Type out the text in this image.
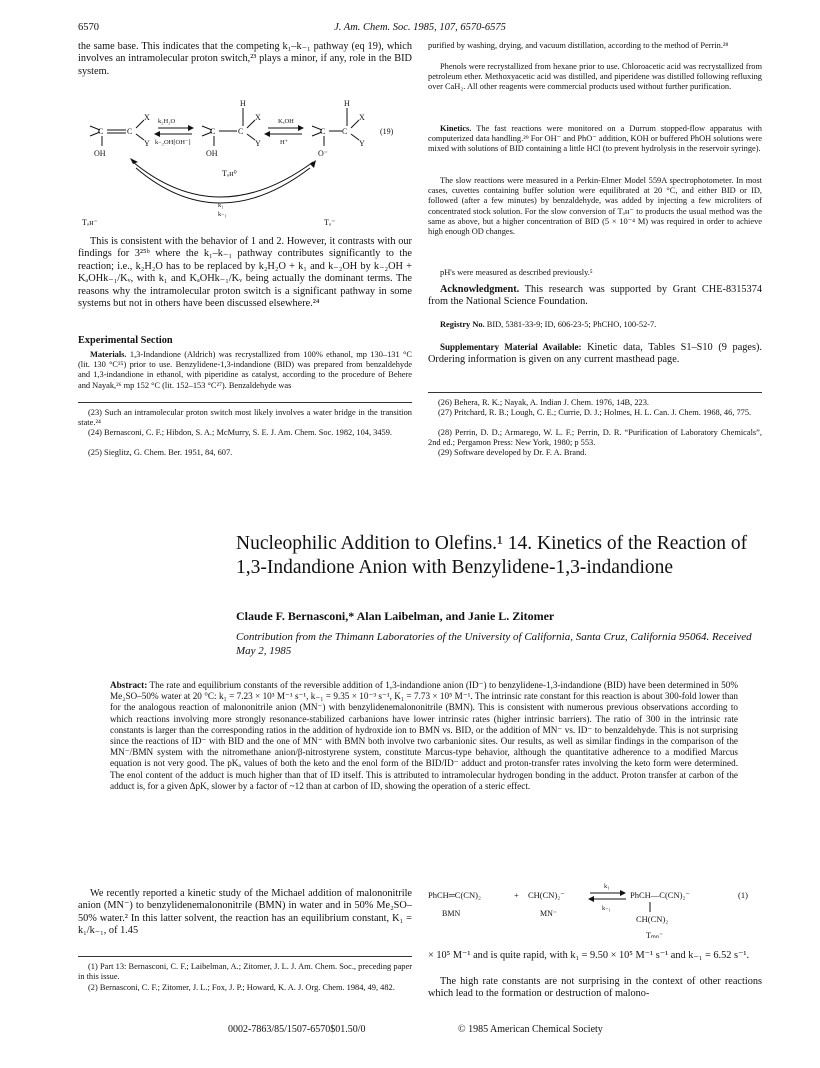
6570	J. Am. Chem. Soc. 1985, 107, 6570-6575

the same base. This indicates that the competing k₁–k₋₁ pathway (eq 19), which involves an intramolecular proton switch,²³ plays a minor, if any, role in the BID system.

C	C
X
Y
OH
k₂H₂O
k₋₂OH[OH⁻]
H
C	C
X
Y
OH
KₐOH
H⁺
H
C C
X
Y
O⁻
(19)
Tₒʜ⁰
k₁
k₋₁
Tₒʜ⁻	Tₒ⁻

This is consistent with the behavior of 1 and 2. However, it contrasts with our findings for 3²⁵ᵇ where the k₁–k₋₁ pathway contributes significantly to the reaction; i.e., k₂H₂O has to be replaced by k₂H₂O + k₁ and k₋₂OH by k₋₂OH + KₐOHk₋₁/Kᵥ, with k₁ and KₐOHk₋₁/Kᵥ being actually the dominant terms. The reasons why the intramolecular proton switch is a significant pathway in some systems but not in others have been discussed elsewhere.²⁴

Experimental Section

Materials. 1,3-Indandione (Aldrich) was recrystallized from 100% ethanol, mp 130–131 °C (lit. 130 °C²⁵) prior to use. Benzylidene-1,3-indandione (BID) was prepared from benzaldehyde and 1,3-indandione in ethanol, with piperidine as catalyst, according to the procedure of Behere and Nayak,²⁶ mp 152 °C (lit. 152–153 °C²⁷). Benzaldehyde was

(23) Such an intramolecular proton switch most likely involves a water bridge in the transition state.²⁴

(24) Bernasconi, C. F.; Hibdon, S. A.; McMurry, S. E. J. Am. Chem. Soc. 1982, 104, 3459.

(25) Sieglitz, G. Chem. Ber. 1951, 84, 607.

purified by washing, drying, and vacuum distillation, according to the method of Perrin.²⁸

Phenols were recrystallized from hexane prior to use. Chloroacetic acid was recrystallized from petroleum ether. Methoxyacetic acid was distilled, and piperidene was distilled following refluxing over CaH₂. All other reagents were commercial products used without further purification.

Kinetics. The fast reactions were monitored on a Durrum stopped-flow apparatus with computerized data handling.²⁹ For OH⁻ and PhO⁻ addition, KOH or buffered PhOH solutions were mixed with solutions of BID containing a little HCl (to prevent hydrolysis in the reservoir syringe).

The slow reactions were measured in a Perkin-Elmer Model 559A spectrophotometer. In most cases, cuvettes containing buffer solution were equilibrated at 20 °C, and either BID or ID, followed (after a few minutes) by benzaldehyde, was added by injecting a few microliters of concentrated stock solution. For the slow conversion of Tₒʜ⁻ to products the usual method was the same as above, but a higher concentration of BID (5 × 10⁻⁴ M) was required in order to achieve high enough OD changes.

pH's were measured as described previously.⁵

Acknowledgment. This research was supported by Grant CHE-8315374 from the National Science Foundation.

Registry No. BID, 5381-33-9; ID, 606-23-5; PhCHO, 100-52-7.

Supplementary Material Available: Kinetic data, Tables S1–S10 (9 pages). Ordering information is given on any current masthead page.

(26) Behera, R. K.; Nayak, A. Indian J. Chem. 1976, 14B, 223.

(27) Pritchard, R. B.; Lough, C. E.; Currie, D. J.; Holmes, H. L. Can. J. Chem. 1968, 46, 775.

(28) Perrin, D. D.; Armarego, W. L. F.; Perrin, D. R. “Purification of Laboratory Chemicals”, 2nd ed.; Pergamon Press: New York, 1980; p 553.

(29) Software developed by Dr. F. A. Brand.

Nucleophilic Addition to Olefins.¹ 14. Kinetics of the Reaction of 1,3-Indandione Anion with Benzylidene-1,3-indandione
Claude F. Bernasconi,* Alan Laibelman, and Janie L. Zitomer
Contribution from the Thimann Laboratories of the University of California, Santa Cruz, California 95064. Received May 2, 1985

Abstract: The rate and equilibrium constants of the reversible addition of 1,3-indandione anion (ID⁻) to benzylidene-1,3-indandione (BID) have been determined in 50% Me₂SO–50% water at 20 °C: k₁ = 7.23 × 10³ M⁻¹ s⁻¹, k₋₁ = 9.35 × 10⁻³ s⁻¹, K₁ = 7.73 × 10⁵ M⁻¹. The intrinsic rate constant for this reaction is about 300-fold lower than for the analogous reaction of malononitrile anion (MN⁻) with benzylidenemalononitrile (BMN). This is consistent with numerous previous observations according to which reactions involving more strongly resonance-stabilized carbanions have lower intrinsic rates (higher intrinsic barriers). The ratio of 300 in the intrinsic rate constants is larger than the corresponding ratios in the addition of hydroxide ion to BMN vs. BID, or the addition of MN⁻ vs. ID⁻ to benzaldehyde. This is not surprising since the reactions of ID⁻ with BID and the one of MN⁻ with BMN both involve two carbanionic sites. Our results, as well as similar findings in the comparison of the MN⁻/BMN system with the nitromethane anion/β-nitrostyrene system, constitute Marcus-type behavior, although the quantitative adherence to a modified Marcus equation is not very good. The pKₐ values of both the keto and the enol form of the BID/ID⁻ adduct and proton-transfer rates involving the keto form were determined. The enol content of the adduct is much higher than that of ID itself. This is attributed to intramolecular hydrogen bonding in the adduct. Proton transfer at carbon of the adduct is, for a given ΔpK, slower by a factor of ~12 than at carbon of ID, showing the operation of a steric effect.

We recently reported a kinetic study of the Michael addition of malononitrile anion (MN⁻) to benzylidenemalononitrile (BMN) in water and in 50% Me₂SO–50% water.² In this latter solvent, the reaction has an equilibrium constant, K₁ = k₁/k₋₁, of 1.45

(1) Part 13: Bernasconi, C. F.; Laibelman, A.; Zitomer, J. L. J. Am. Chem. Soc., preceding paper in this issue.

(2) Bernasconi, C. F.; Zitomer, J. L.; Fox, J. P.; Howard, K. A. J. Org. Chem. 1984, 49, 482.

PhCH═C(CN)₂	+ CH(CN)₂⁻
k₁
k₋₁
PhCH—C(CN)₂⁻
CH(CN)₂
(1)
BMN	MN⁻
Tₘₙ⁻

× 10⁵ M⁻¹ and is quite rapid, with k₁ = 9.50 × 10⁵ M⁻¹ s⁻¹ and k₋₁ = 6.52 s⁻¹.

The high rate constants are not surprising in the context of other reactions which lead to the formation or destruction of malono-

0002-7863/85/1507-6570$01.50/0	© 1985 American Chemical Society
